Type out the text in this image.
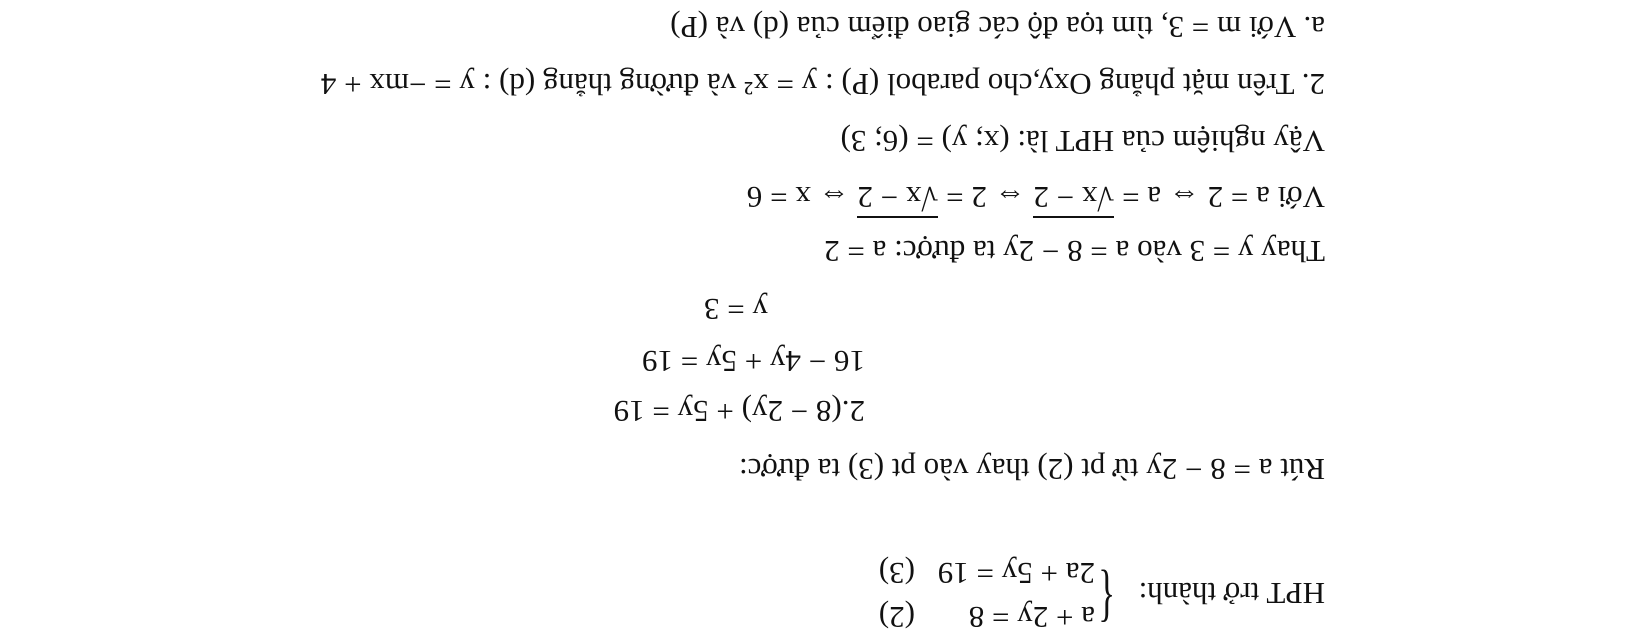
HPT trở thành:
{
a + 2y = 8
(2)
2a + 5y = 19
(3)
Rút a = 8 − 2y từ pt (2) thay vào pt (3) ta được:
2.(8 − 2y) + 5y = 19
16 − 4y + 5y = 19
y = 3
Thay y = 3 vào a = 8 − 2y ta được: a = 2
Với a = 2 ⇔ a = √x − 2 ⇔ 2 = √x − 2 ⇔ x = 6
Vậy nghiệm của HPT là: (x; y) = (6; 3)
2. Trên mặt phẳng Oxy,cho parabol (P) : y = x² và đường thẳng (d) : y = −mx + 4
a. Với m = 3, tìm tọa độ các giao điểm của (d) và (P)
